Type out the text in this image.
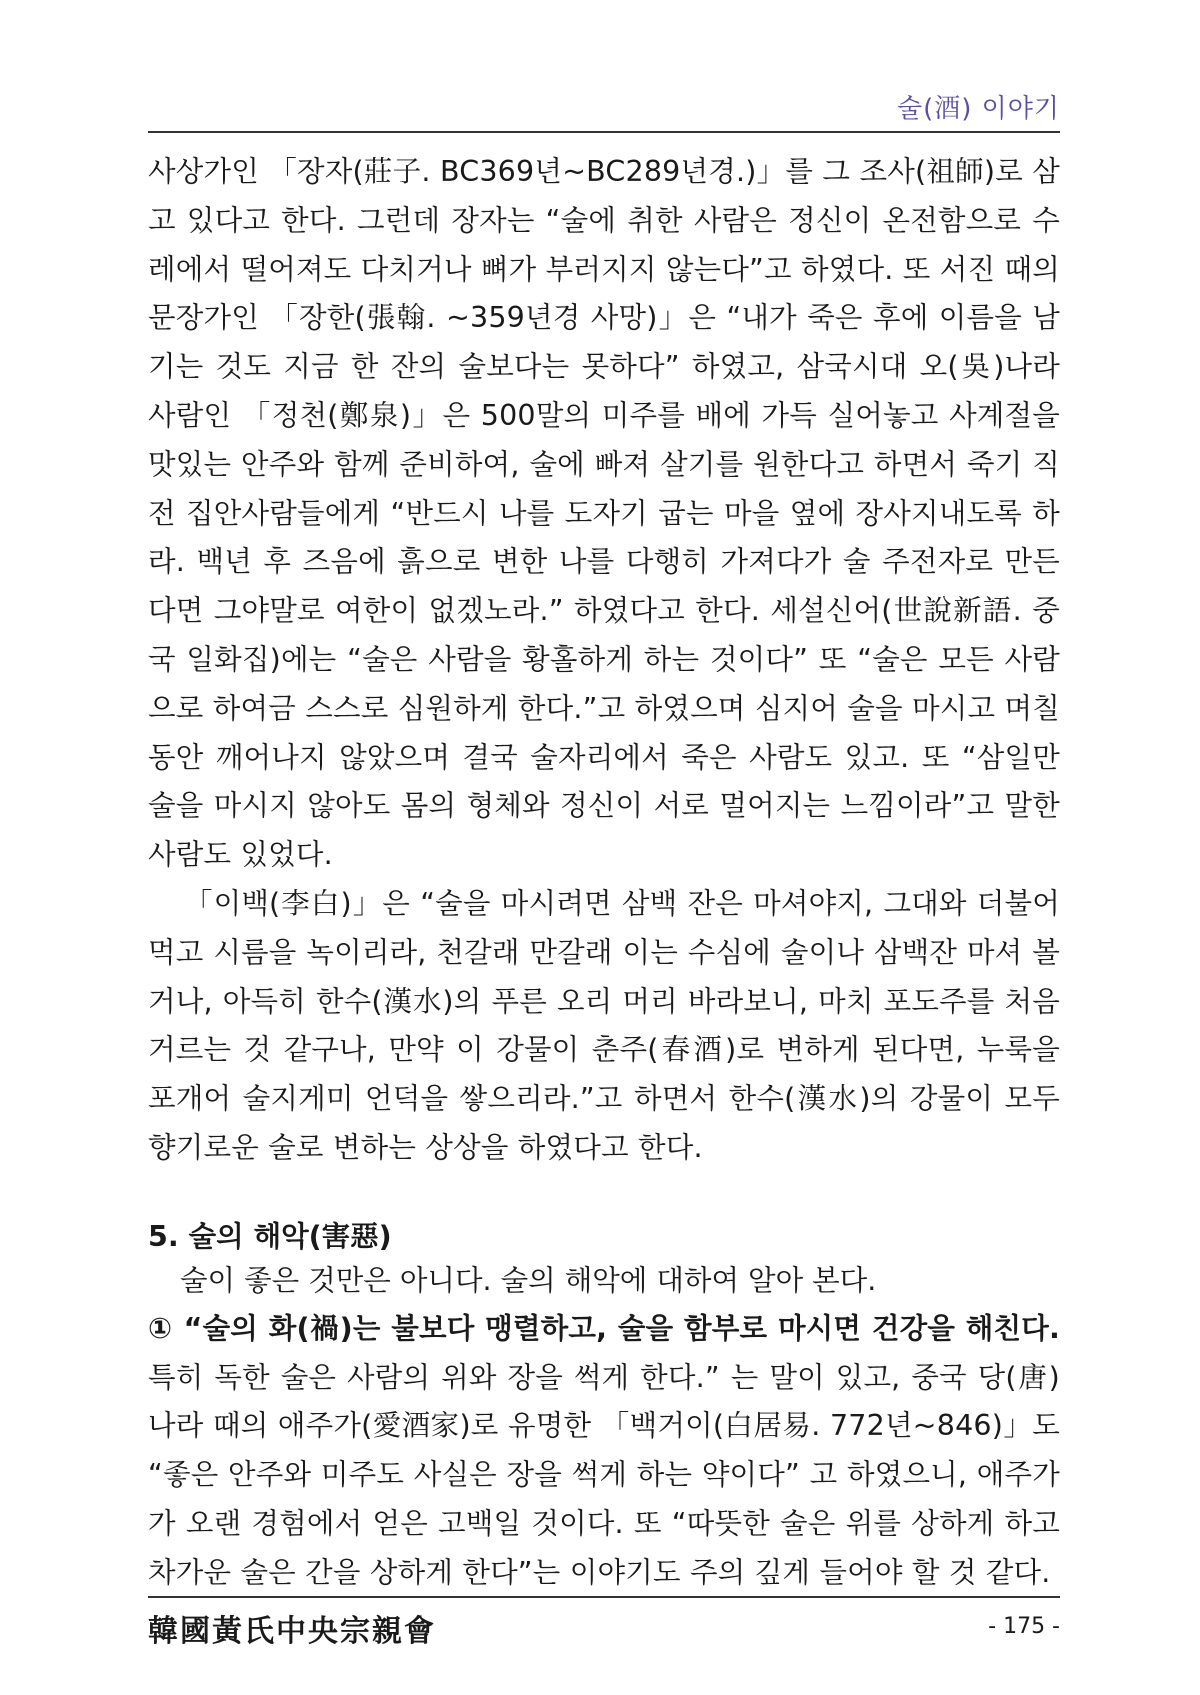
술(酒) 이야기

사상가인 「장자(莊子. BC369년~BC289년경.)」를 그 조사(祖師)로 삼고 있다고 한다. 그런데 장자는 “술에 취한 사람은 정신이 온전함으로 수레에서 떨어져도 다치거나 뼈가 부러지지 않는다”고 하였다. 또 서진 때의 문장가인 「장한(張翰. ~359년경 사망)」은 “내가 죽은 후에 이름을 남기는 것도 지금 한 잔의 술보다는 못하다” 하였고, 삼국시대 오(吳)나라 사람인 「정천(鄭泉)」은 500말의 미주를 배에 가득 실어놓고 사계절을 맛있는 안주와 함께 준비하여, 술에 빠져 살기를 원한다고 하면서 죽기 직전 집안사람들에게 “반드시 나를 도자기 굽는 마을 옆에 장사지내도록 하라. 백년 후 즈음에 흙으로 변한 나를 다행히 가져다가 술 주전자로 만든다면 그야말로 여한이 없겠노라.” 하였다고 한다. 세설신어(世說新語. 중국 일화집)에는 “술은 사람을 황홀하게 하는 것이다” 또 “술은 모든 사람으로 하여금 스스로 심원하게 한다.”고 하였으며 심지어 술을 마시고 며칠 동안 깨어나지 않았으며 결국 술자리에서 죽은 사람도 있고. 또 “삼일만 술을 마시지 않아도 몸의 형체와 정신이 서로 멀어지는 느낌이라”고 말한 사람도 있었다.

「이백(李白)」은 “술을 마시려면 삼백 잔은 마셔야지, 그대와 더불어 먹고 시름을 녹이리라, 천갈래 만갈래 이는 수심에 술이나 삼백잔 마셔 볼거나, 아득히 한수(漢水)의 푸른 오리 머리 바라보니, 마치 포도주를 처음 거르는 것 같구나, 만약 이 강물이 춘주(春酒)로 변하게 된다면, 누룩을 포개어 술지게미 언덕을 쌓으리라.”고 하면서 한수(漢水)의 강물이 모두 향기로운 술로 변하는 상상을 하였다고 한다.

5. 술의 해악(害惡)

술이 좋은 것만은 아니다. 술의 해악에 대하여 알아 본다.

① “술의 화(禍)는 불보다 맹렬하고, 술을 함부로 마시면 건강을 해친다. 특히 독한 술은 사람의 위와 장을 썩게 한다.” 는 말이 있고, 중국 당(唐)나라 때의 애주가(愛酒家)로 유명한 「백거이(白居易. 772년~846)」도 “좋은 안주와 미주도 사실은 장을 썩게 하는 약이다” 고 하였으니, 애주가가 오랜 경험에서 얻은 고백일 것이다. 또 “따뜻한 술은 위를 상하게 하고 차가운 술은 간을 상하게 한다”는 이야기도 주의 깊게 들어야 할 것 같다.

韓國黃氏中央宗親會	- 175 -
